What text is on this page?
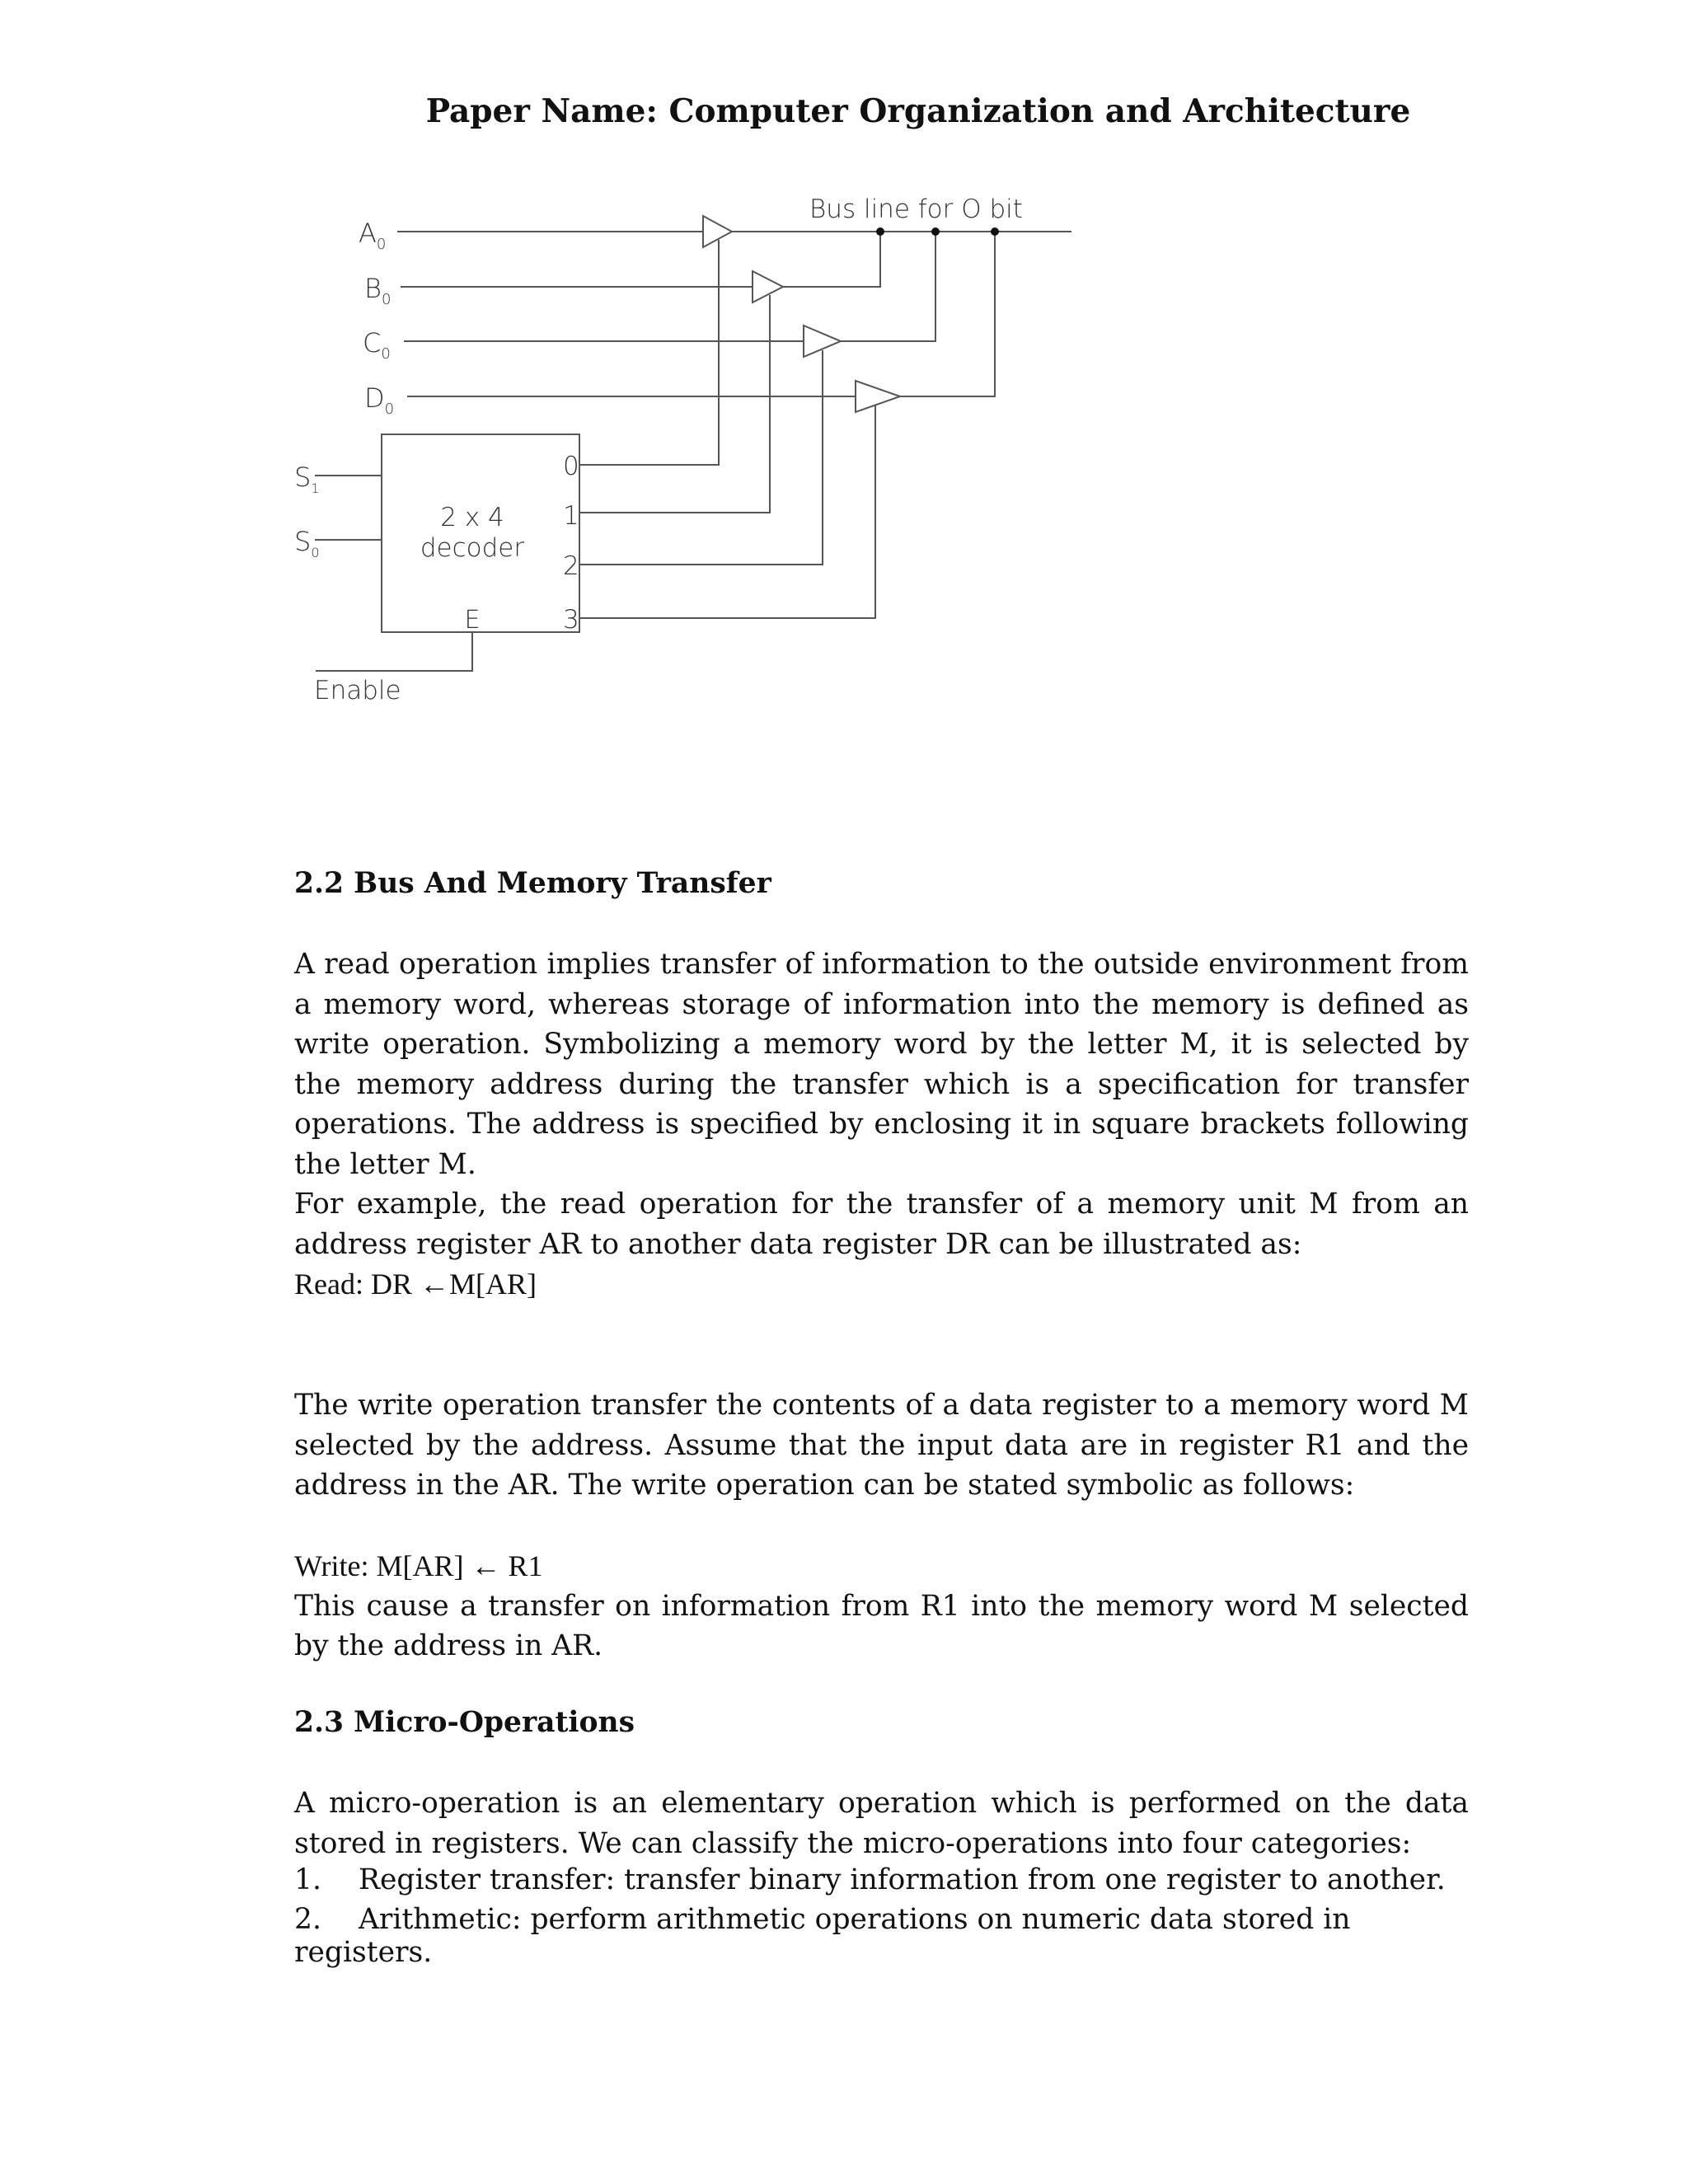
Paper Name: Computer Organization and Architecture
Bus line for O bit
$A_0$
$B_0$
$C_0$
$D_0$
$S_1$
$S_0$
2 x 4
decoder
E
0
1
2
3
Enable
2.2 Bus And Memory Transfer

A read operation implies transfer of information to the outside environment from a memory word, whereas storage of information into the memory is defined as write operation. Symbolizing a memory word by the letter M, it is selected by the memory address during the transfer which is a specification for transfer operations. The address is specified by enclosing it in square brackets following the letter M.

For example, the read operation for the transfer of a memory unit M from an address register AR to another data register DR can be illustrated as:

Read: DR ←M[AR]

The write operation transfer the contents of a data register to a memory word M selected by the address. Assume that the input data are in register R1 and the address in the AR. The write operation can be stated symbolic as follows:

Write: M[AR] ← R1

This cause a transfer on information from R1 into the memory word M selected by the address in AR.

2.3 Micro-Operations

A micro-operation is an elementary operation which is performed on the data stored in registers. We can classify the micro-operations into four categories:

1. Register transfer: transfer binary information from one register to another.
2. Arithmetic: perform arithmetic operations on numeric data stored in registers.
